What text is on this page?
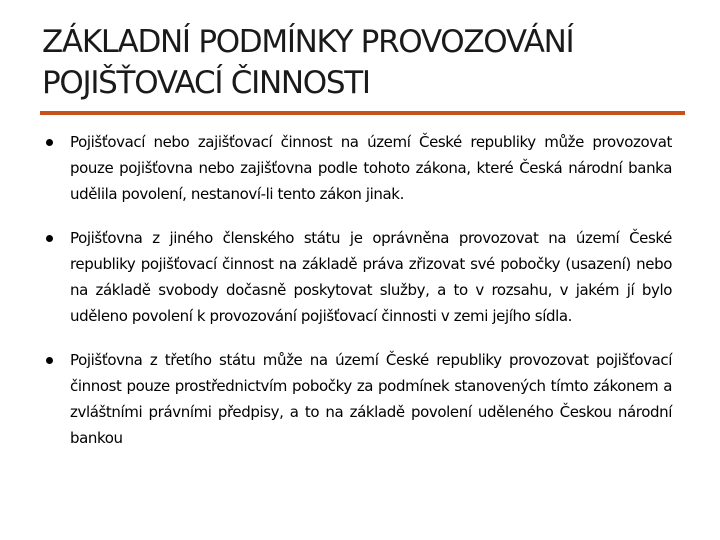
ZÁKLADNÍ PODMÍNKY PROVOZOVÁNÍ
POJIŠŤOVACÍ ČINNOSTI
Pojišťovací nebo zajišťovací činnost na území České republiky může provozovat pouze pojišťovna nebo zajišťovna podle tohoto zákona, které Česká národní banka udělila povolení, nestanoví-li tento zákon jinak.
Pojišťovna z jiného členského státu je oprávněna provozovat na území České republiky pojišťovací činnost na základě práva zřizovat své pobočky (usazení) nebo na základě svobody dočasně poskytovat služby, a to v rozsahu, v jakém jí bylo uděleno povolení k provozování pojišťovací činnosti v zemi jejího sídla.
Pojišťovna z třetího státu může na území České republiky provozovat pojišťovací činnost pouze prostřednictvím pobočky za podmínek stanovených tímto zákonem a zvláštními právními předpisy, a to na základě povolení uděleného Českou národní bankou
